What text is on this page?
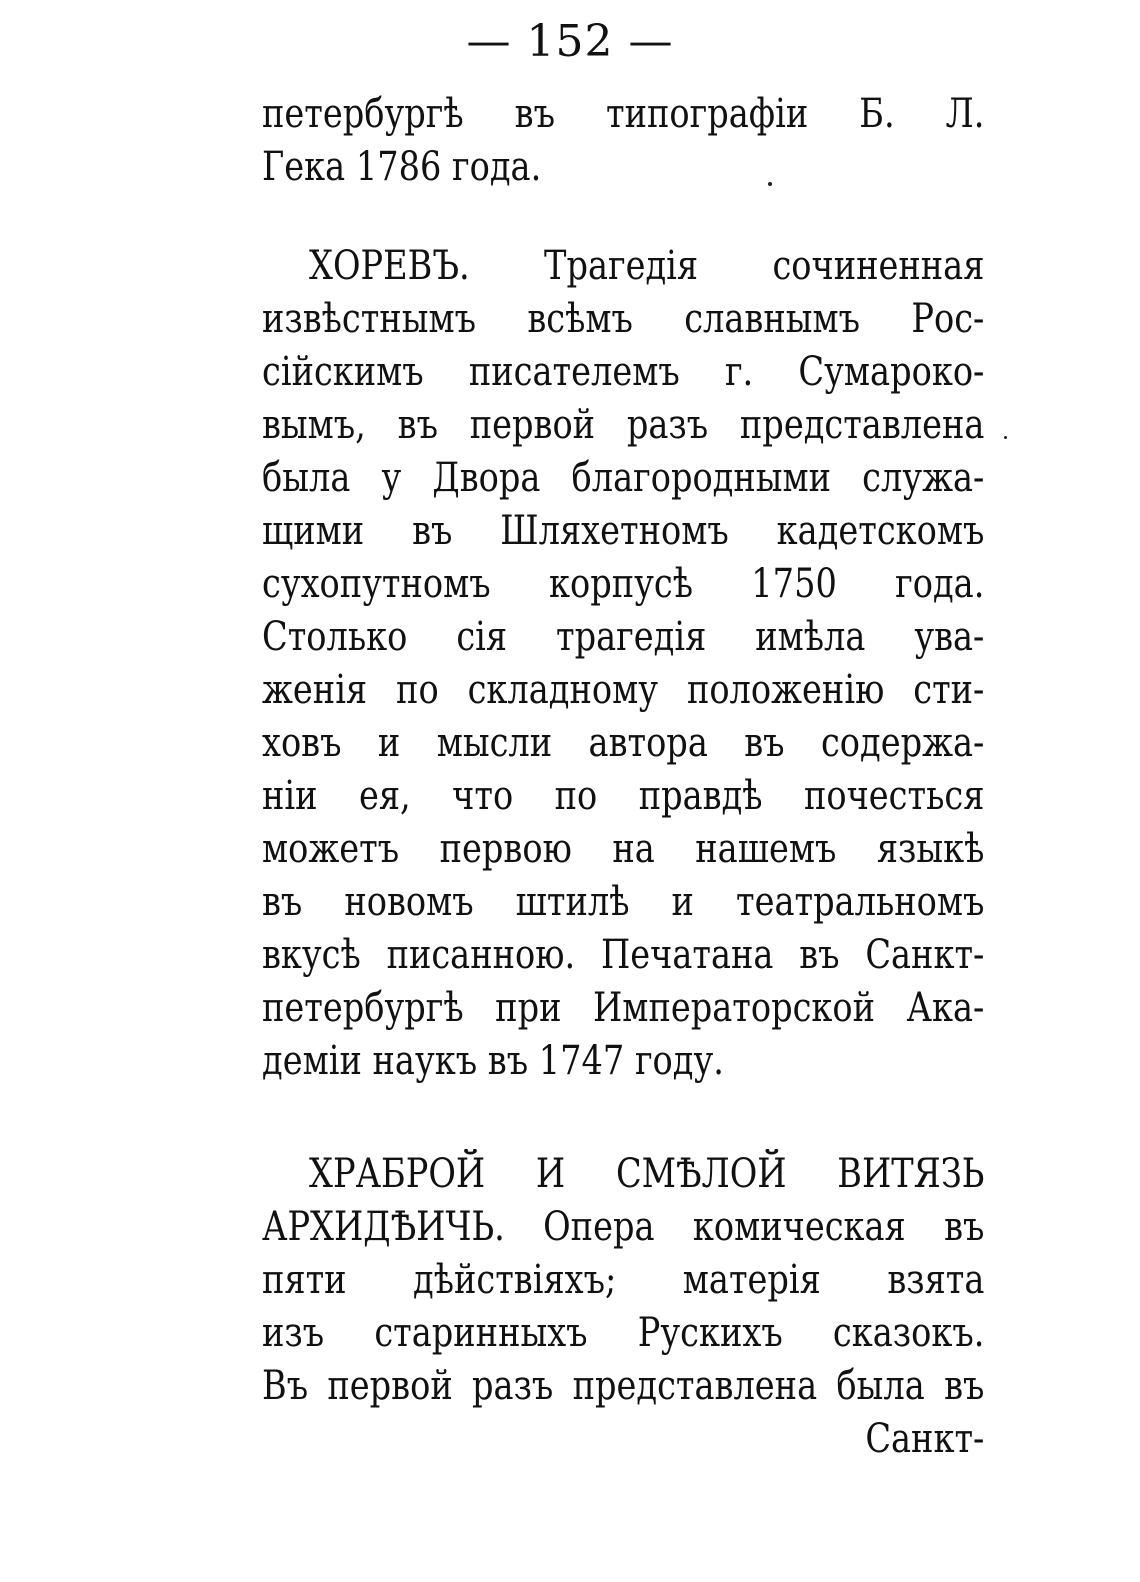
— 152 —
петербургѣ въ типографіи Б. Л.
Гека 1786 года.
ХОРЕВЪ. Трагедія сочиненная
извѣстнымъ всѣмъ славнымъ Рос-
сійскимъ писателемъ г. Сумароко-
вымъ, въ первой разъ представлена
была у Двора благородными служа-
щими въ Шляхетномъ кадетскомъ
сухопутномъ корпусѣ 1750 года.
Столько сія трагедія имѣла ува-
женія по складному положенію сти-
ховъ и мысли автора въ содержа-
ніи ея, что по правдѣ почесться
можетъ первою на нашемъ языкѣ
въ новомъ штилѣ и театральномъ
вкусѣ писанною. Печатана въ Санкт-
петербургѣ при Императорской Ака-
деміи наукъ въ 1747 году.
ХРАБРОЙ И СМѢЛОЙ ВИТЯЗЬ
АРХИДѢИЧЬ. Опера комическая въ
пяти дѣйствіяхъ; матерія взята
изъ старинныхъ Рускихъ сказокъ.
Въ первой разъ представлена была въ
Санкт-
